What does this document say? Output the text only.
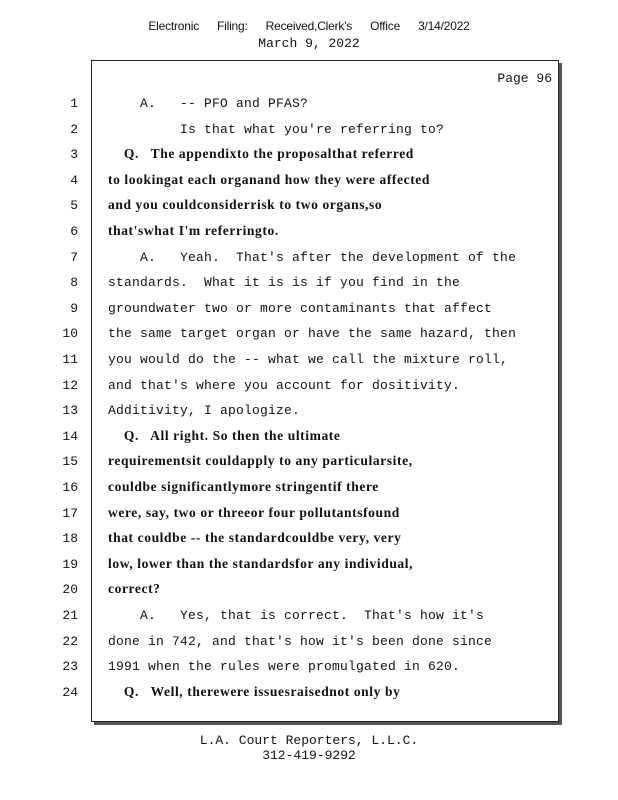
Electronic Filing: Received,Clerk's Office 3/14/2022
March 9, 2022
Page 96
1 A.   -- PFO and PFAS?
2 Is that what you're referring to?
3 Q.   The appendixto the proposalthat referred
4 to lookingat each organand how they were affected
5 and you couldconsiderrisk to two organs,so
6 that'swhat I'm referringto.
7 A.   Yeah.  That's after the development of the
8 standards.  What it is is if you find in the
9 groundwater two or more contaminants that affect
10 the same target organ or have the same hazard, then
11 you would do the -- what we call the mixture roll,
12 and that's where you account for dositivity.
13 Additivity, I apologize.
14 Q.   All right. So then the ultimate
15 requirementsit couldapply to any particularsite,
16 couldbe significantlymore stringentif there
17 were, say, two or threeor four pollutantsfound
18 that couldbe -- the standardcouldbe very, very
19 low, lower than the standardsfor any individual,
20 correct?
21 A.   Yes, that is correct.  That's how it's
22 done in 742, and that's how it's been done since
23 1991 when the rules were promulgated in 620.
24 Q.   Well, therewere issuesraisednot only by
L.A. Court Reporters, L.L.C.
312-419-9292
